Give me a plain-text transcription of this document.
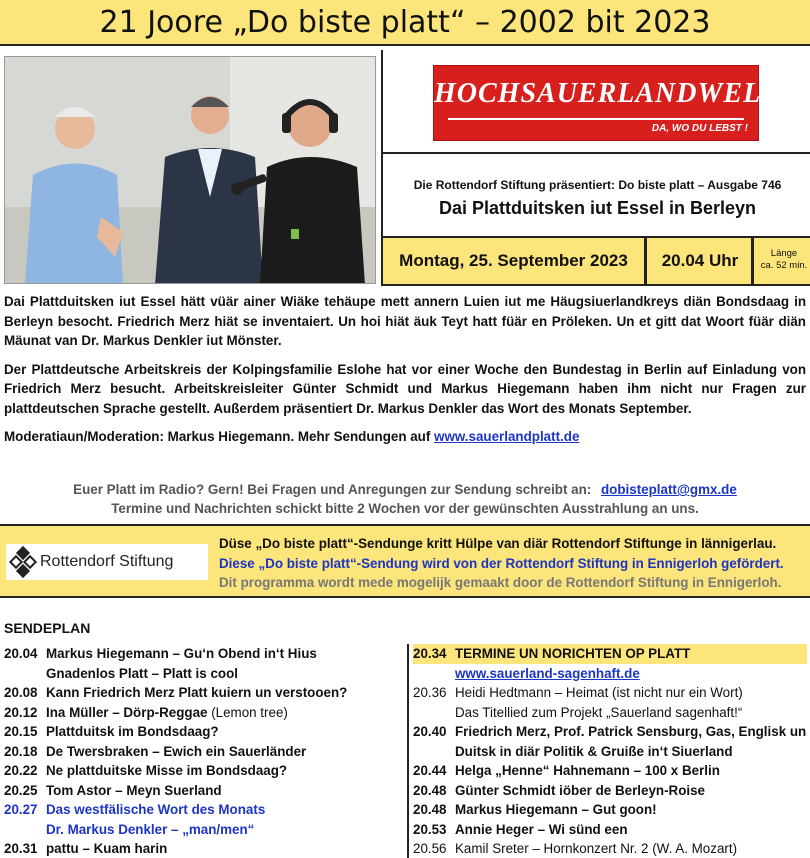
21 Joore „Do biste platt“ – 2002 bit 2023
HOCHSAUERLANDWELLE
DA, WO DU LEBST !
Die Rottendorf Stiftung präsentiert: Do biste platt – Ausgabe 746
Dai Plattduitsken iut Essel in Berleyn
Montag, 25. September 2023	20.04 Uhr	Länge
ca. 52 min.

Dai Plattduitsken iut Essel hätt vüär ainer Wiäke tehäupe mett annern Luien iut me Häugsiuerlandkreys diän Bondsdaag in Berleyn besocht. Friedrich Merz hiät se inventaiert. Un hoi hiät äuk Teyt hatt füär en Pröleken. Un et gitt dat Woort füär diän Mäunat van Dr. Markus Denkler iut Mönster.

Der Plattdeutsche Arbeitskreis der Kolpingsfamilie Eslohe hat vor einer Woche den Bundestag in Berlin auf Einladung von Friedrich Merz besucht. Arbeitskreisleiter Günter Schmidt und Markus Hiegemann haben ihm nicht nur Fragen zur plattdeutschen Sprache gestellt. Außerdem präsentiert Dr. Markus Denkler das Wort des Monats September.

Moderatiaun/Moderation: Markus Hiegemann. Mehr Sendungen auf www.sauerlandplatt.de

Euer Platt im Radio? Gern! Bei Fragen und Anregungen zur Sendung schreibt an: dobisteplatt@gmx.de
Termine und Nachrichten schickt bitte 2 Wochen vor der gewünschten Ausstrahlung an uns.
Rottendorf Stiftung
Düse „Do biste platt“-Sendunge kritt Hülpe van diär Rottendorf Stiftunge in lännigerlau.
Diese „Do biste platt“-Sendung wird von der Rottendorf Stiftung in Ennigerloh gefördert.
Dit programma wordt mede mogelijk gemaakt door de Rottendorf Stiftung in Ennigerloh.
SENDEPLAN
20.04 Markus Hiegemann – Gu‘n Obend in‘t Hius
Gnadenlos Platt – Platt is cool
20.08 Kann Friedrich Merz Platt kuiern un verstooen?
20.12 Ina Müller – Dörp-Reggae (Lemon tree)
20.15 Plattduitsk im Bondsdaag?
20.18 De Twersbraken – Ewich ein Sauerländer
20.22 Ne plattduitske Misse im Bondsdaag?
20.25 Tom Astor – Meyn Suerland
20.27 Das westfälische Wort des Monats
Dr. Markus Denkler – „man/men“
20.31 pattu – Kuam harin
20.34 TERMINE UN NORICHTEN OP PLATT
www.sauerland-sagenhaft.de
20.36 Heidi Hedtmann – Heimat (ist nicht nur ein Wort)
Das Titellied zum Projekt „Sauerland sagenhaft!“
20.40 Friedrich Merz, Prof. Patrick Sensburg, Gas, Englisk un
Duitsk in diär Politik & Gruiße in‘t Siuerland
20.44 Helga „Henne“ Hahnemann – 100 x Berlin
20.48 Günter Schmidt iöber de Berleyn-Roise
20.48 Markus Hiegemann – Gut goon!
20.53 Annie Heger – Wi sünd een
20.56 Kamil Sreter – Hornkonzert Nr. 2 (W. A. Mozart)
